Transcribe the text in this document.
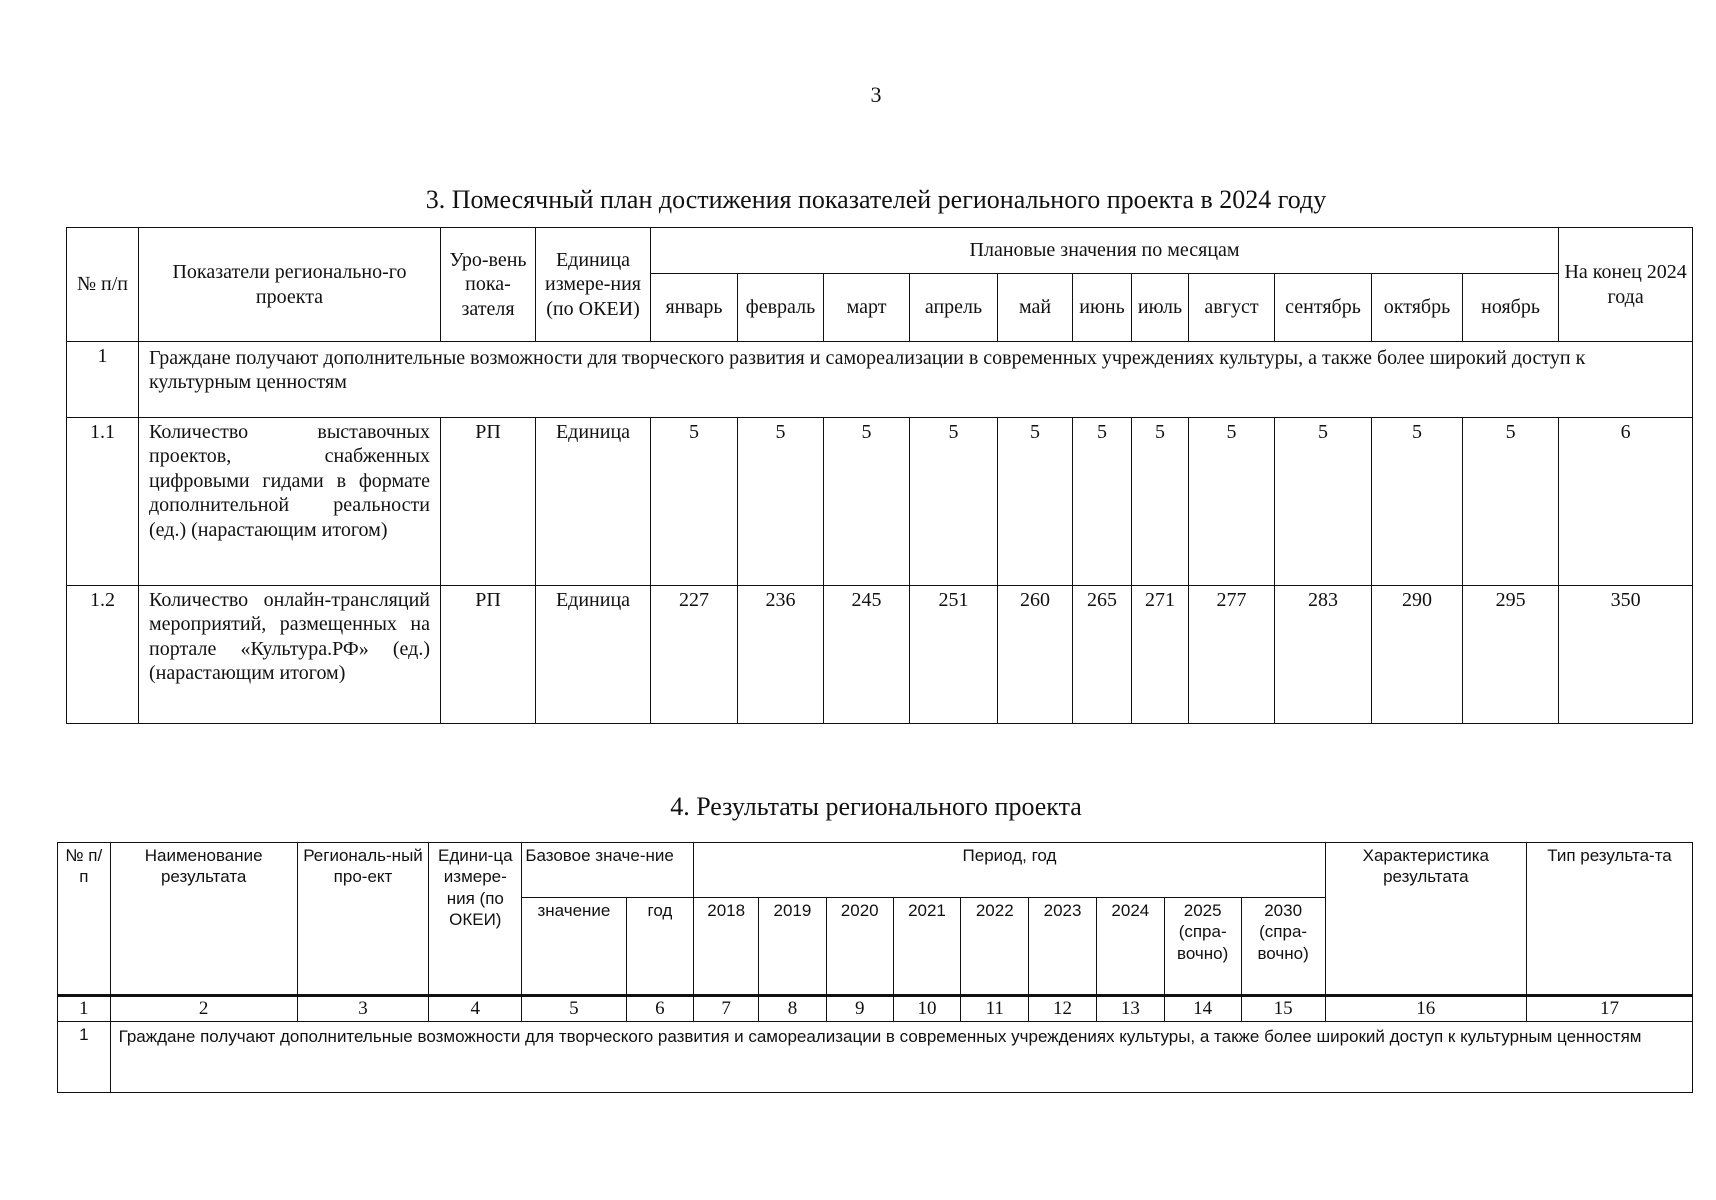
3
3. Помесячный план достижения показателей регионального проекта в 2024 году
№ п/п	Показатели регионально-го проекта	Уро-вень пока-зателя	Единица измере-ния (по ОКЕИ)	Плановые значения по месяцам											На конец 2024 года
				январь	февраль	март	апрель	май	июнь	июль	август	сентябрь	октябрь	ноябрь	
1	Граждане получают дополнительные возможности для творческого развития и самореализации в современных учреждениях культуры, а также более широкий доступ к культурным ценностям														
1.1	Количество выставочных проектов, снабженных цифровыми гидами в формате дополнительной реальности (ед.) (нарастающим итогом)	РП	Единица	5	5	5	5	5	5	5	5	5	5	5	6
1.2	Количество онлайн-трансляций мероприятий, размещенных на портале «Культура.РФ» (ед.) (нарастающим итогом)	РП	Единица	227	236	245	251	260	265	271	277	283	290	295	350
4. Результаты регионального проекта
№ п/п	Наименование результата	Региональ-ный про-ект	Едини-ца измере-ния (по ОКЕИ)	Базовое значе-ние		Период, год									Характеристика результата	Тип результа-та
				значение	год	2018	2019	2020	2021	2022	2023	2024	2025 (спра-вочно)	2030 (спра-вочно)		
1	2	3	4	5	6	7	8	9	10	11	12	13	14	15	16	17
1	Граждане получают дополнительные возможности для творческого развития и самореализации в современных учреждениях культуры, а также более широкий доступ к культурным ценностям															
